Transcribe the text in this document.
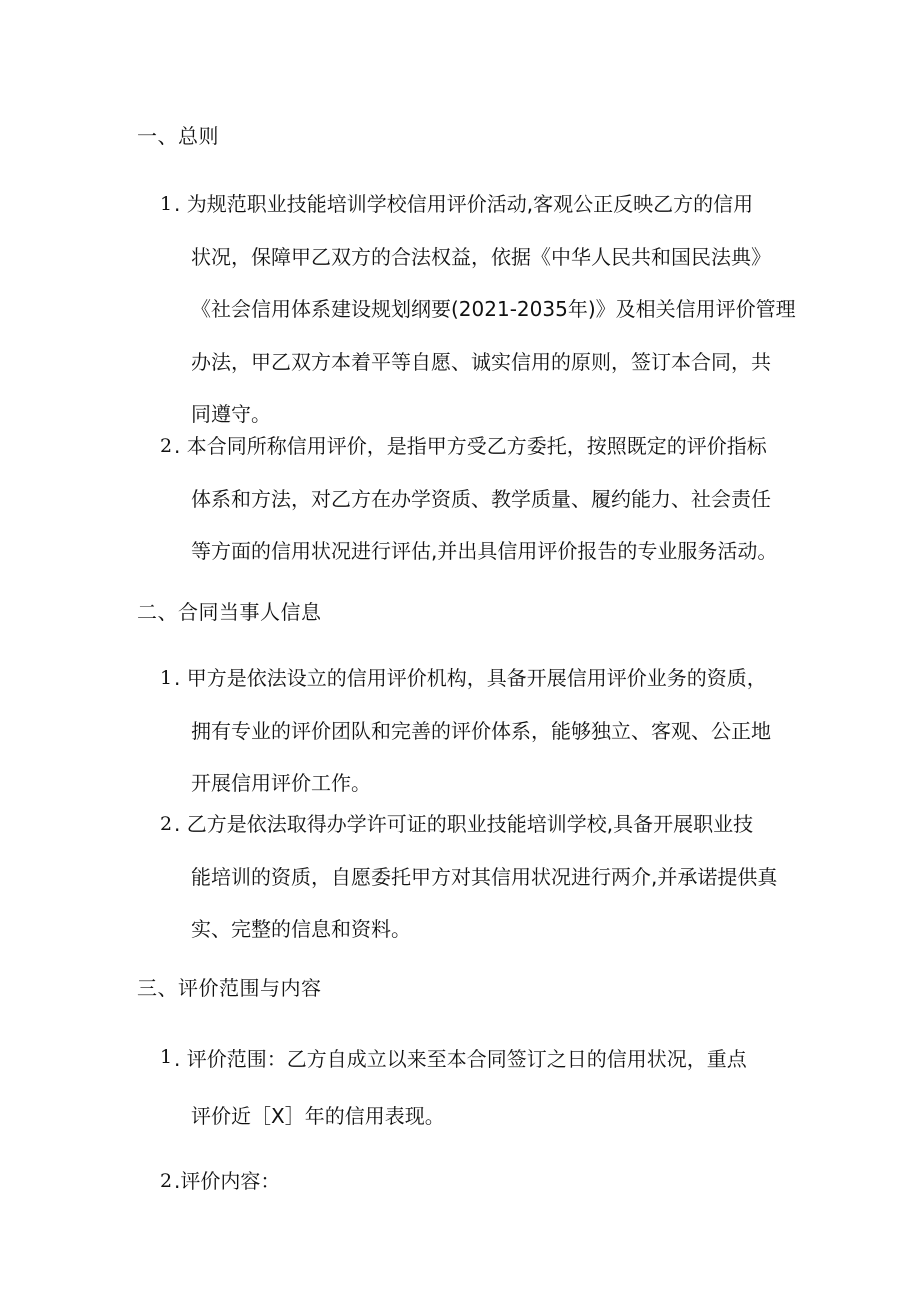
一、总则
1 . 为规范职业技能培训学校信用评价活动,客观公正反映乙方的信用
状况，保障甲乙双方的合法权益，依据《中华人民共和国民法典》
《社会信用体系建设规划纲要(2021-2035年)》及相关信用评价管理
办法，甲乙双方本着平等自愿、诚实信用的原则，签订本合同，共
同遵守。
2 . 本合同所称信用评价，是指甲方受乙方委托，按照既定的评价指标
体系和方法，对乙方在办学资质、教学质量、履约能力、社会责任
等方面的信用状况进行评估,并出具信用评价报告的专业服务活动。
二、合同当事人信息
1 . 甲方是依法设立的信用评价机构，具备开展信用评价业务的资质，
拥有专业的评价团队和完善的评价体系，能够独立、客观、公正地
开展信用评价工作。
2 . 乙方是依法取得办学许可证的职业技能培训学校,具备开展职业技
能培训的资质，自愿委托甲方对其信用状况进行两介,并承诺提供真
实、完整的信息和资料。
三、评价范围与内容
1 . 评价范围：乙方自成立以来至本合同签订之日的信用状况，重点
评价近［X］年的信用表现。
2 .评价内容：
